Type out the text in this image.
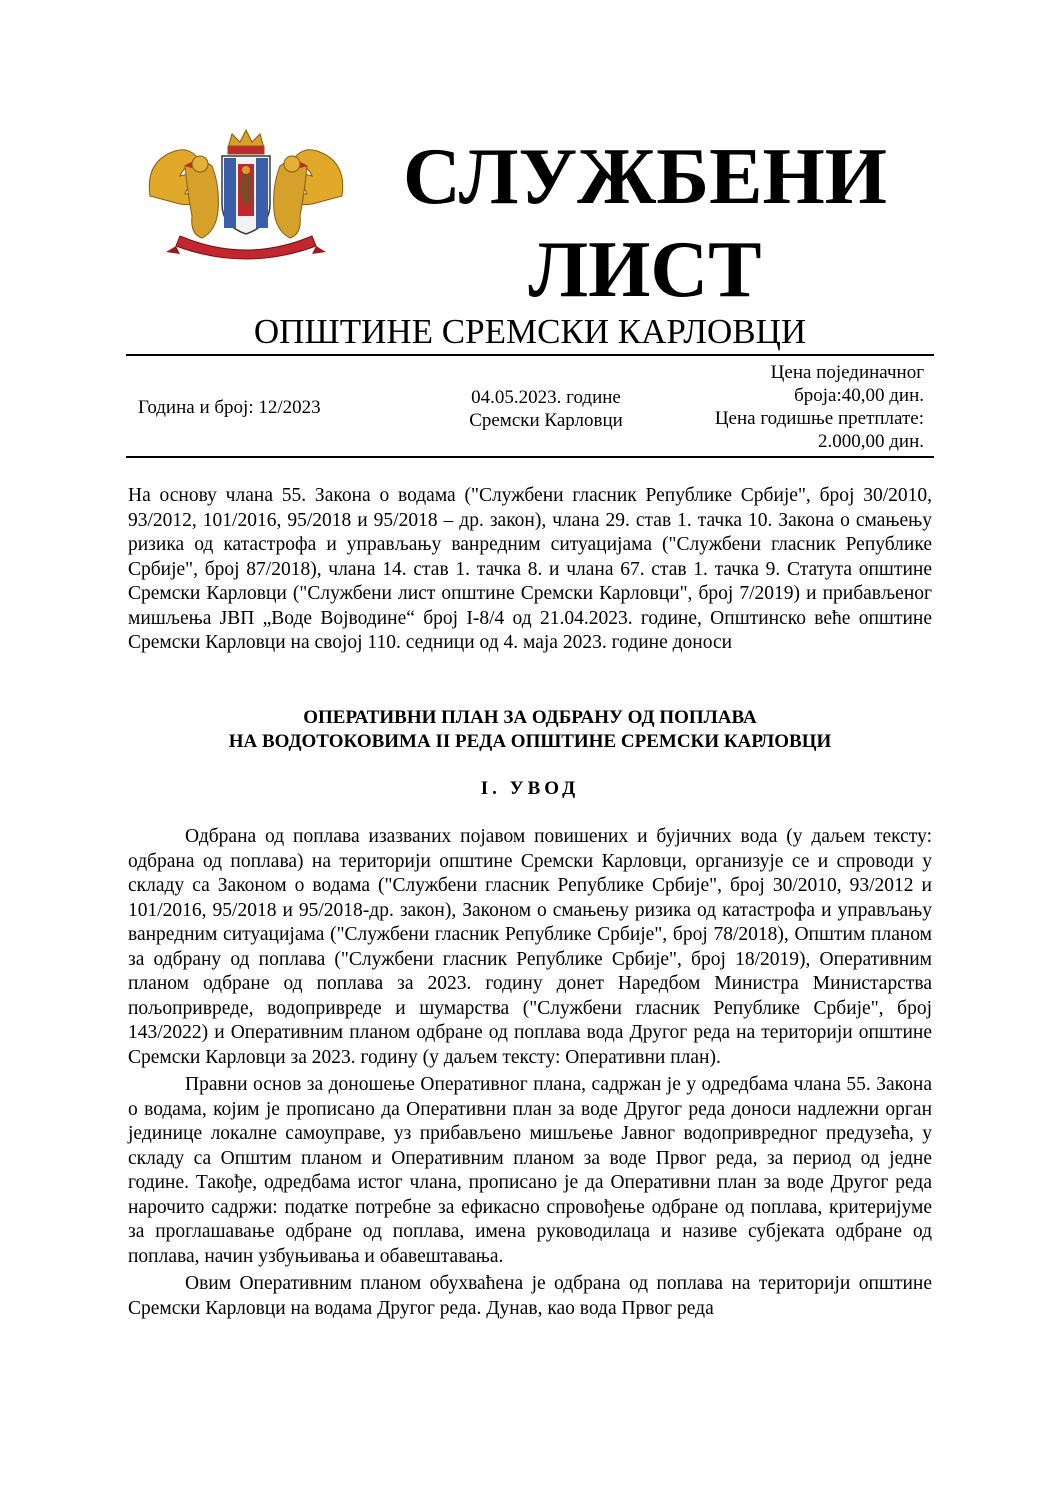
СЛУЖБЕНИ
ЛИСТ
ОПШТИНЕ СРЕМСКИ КАРЛОВЦИ
Година и број: 12/2023	04.05.2023. године
Сремски Карловци
Цена појединачног
броја:40,00 дин.
Цена годишње претплате:
2.000,00 дин.
На основу члана 55. Закона о водама ("Службени гласник Републике Србије", број 30/2010, 93/2012, 101/2016, 95/2018 и 95/2018 – др. закон), члана 29. став 1. тачка 10. Закона о смањењу ризика од катастрофа и управљању ванредним ситуацијама ("Службени гласник Републике Србије", број 87/2018), члана 14. став 1. тачка 8. и члана 67. став 1. тачка 9. Статута општине Сремски Карловци ("Службени лист општине Сремски Карловци", број 7/2019) и прибављеног мишљења ЈВП „Воде Војводине“ број I-8/4 од 21.04.2023. године, Општинско веће општине Сремски Карловци на својој 110. седници од 4. маја 2023. године доноси
ОПЕРАТИВНИ ПЛАН ЗА ОДБРАНУ ОД ПОПЛАВА
НА ВОДОТОКОВИМА II РЕДА ОПШТИНЕ СРЕМСКИ КАРЛОВЦИ
I. УВОД

Одбрана од поплава изазваних појавом повишених и бујичних вода (у даљем тексту: одбрана од поплава) на територији општине Сремски Карловци, организује се и спроводи у складу са Законом о водама ("Службени гласник Републике Србије", број 30/2010, 93/2012 и 101/2016, 95/2018 и 95/2018-др. закон), Законом о смањењу ризика од катастрофа и управљању ванредним ситуацијама ("Службени гласник Републике Србије", број 78/2018), Општим планом за одбрану од поплава ("Службени гласник Републике Србије", број 18/2019), Оперативним планом одбране од поплава за 2023. годину донет Наредбом Министра Министарства пољопривреде, водопривреде и шумарства ("Службени гласник Републике Србије", број 143/2022) и Оперативним планом одбране од поплава вода Другог реда на територији општине Сремски Карловци за 2023. годину (у даљем тексту: Оперативни план).

Правни основ за доношење Оперативног плана, садржан је у одредбама члана 55. Закона о водама, којим је прописано да Оперативни план за воде Другог реда доноси надлежни орган јединице локалне самоуправе, уз прибављено мишљење Јавног водопривредног предузећа, у складу са Општим планом и Оперативним планом за воде Првог реда, за период од једне године. Такође, одредбама истог члана, прописано је да Оперативни план за воде Другог реда нарочито садржи: податке потребне за ефикасно спровођење одбране од поплава, критеријуме за проглашавање одбране од поплава, имена руководилаца и називе субјеката одбране од поплава, начин узбуњивања и обавештавања.

Овим Оперативним планом обухваћена је одбрана од поплава на територији општине Сремски Карловци на водама Другог реда. Дунав, као вода Првог реда
